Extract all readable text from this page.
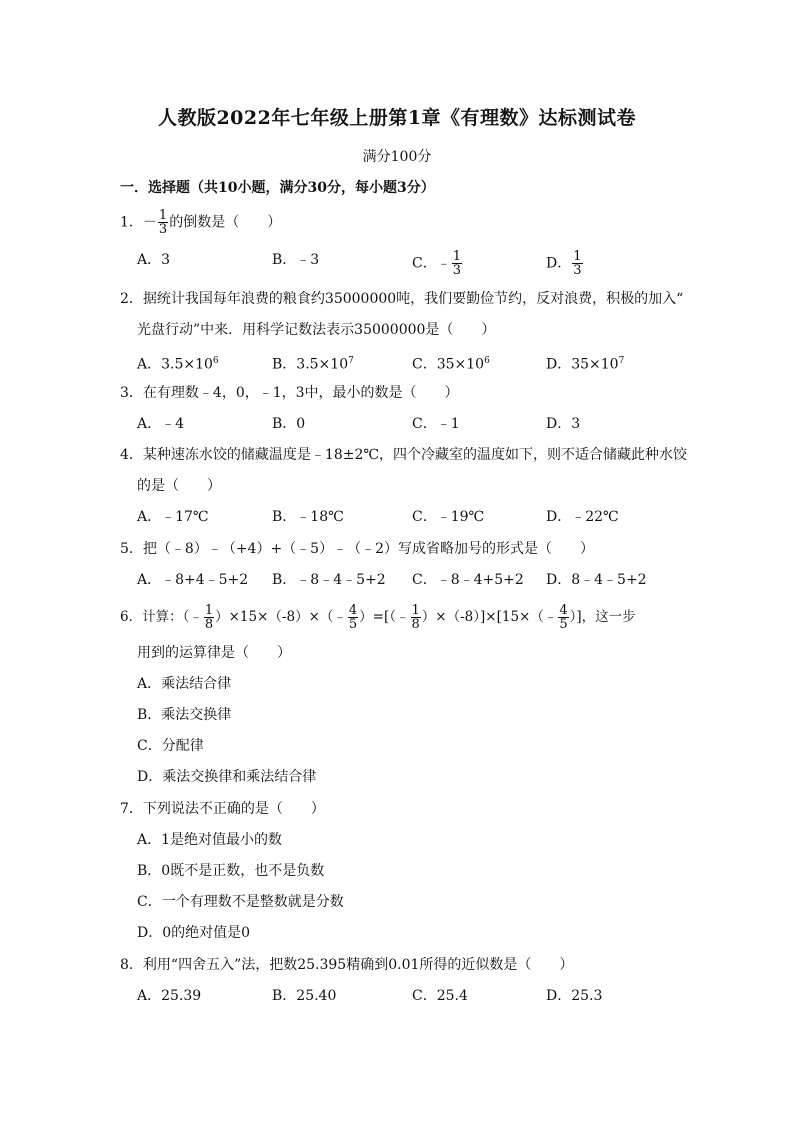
人教版2022年七年级上册第1章《有理数》达标测试卷
满分100分
一．选择题（共10小题，满分30分，每小题3分）
1．－ $\frac{1}{3}$ 的倒数是（　　）
A．3	B．﹣3	C．﹣ $\frac{1}{3}$	D． $\frac{1}{3}$
2．据统计我国每年浪费的粮食约35000000吨，我们要勤俭节约，反对浪费，积极的加入“
光盘行动”中来．用科学记数法表示35000000是（　　）
A．$3.5\times 10^6$	B．$3.5\times 10^7$	C．$35\times 10^6$	D．$35\times 10^7$
3．在有理数﹣4，0，﹣1，3中，最小的数是（　　）
A．﹣4	B．0	C．﹣1	D．3
4．某种速冻水饺的储藏温度是﹣18±2℃，四个冷藏室的温度如下，则不适合储藏此种水饺
的是（　　）
A．﹣17℃	B．﹣18℃	C．﹣19℃	D．﹣22℃
5．把（﹣8）﹣（+4）+（﹣5）﹣（﹣2）写成省略加号的形式是（　　）
A．﹣8+4﹣5+2 B．﹣8﹣4﹣5+2 C．﹣8﹣4+5+2 D．8﹣4﹣5+2
6．计算：（﹣ $\frac{1}{8}$ ）×15×（-8）×（﹣ $\frac{4}{5}$ ）=[（﹣ $\frac{1}{8}$ ）×（-8）]×[15×（﹣ $\frac{4}{5}$ ）]，这一步
用到的运算律是（　　）
A．乘法结合律
B．乘法交换律
C．分配律
D．乘法交换律和乘法结合律
7．下列说法不正确的是（　　）
A．1是绝对值最小的数
B．0既不是正数，也不是负数
C．一个有理数不是整数就是分数
D．0的绝对值是0
8．利用“四舍五入”法，把数25.395精确到0.01所得的近似数是（　　）
A．25.39	B．25.40	C．25.4	D．25.3
